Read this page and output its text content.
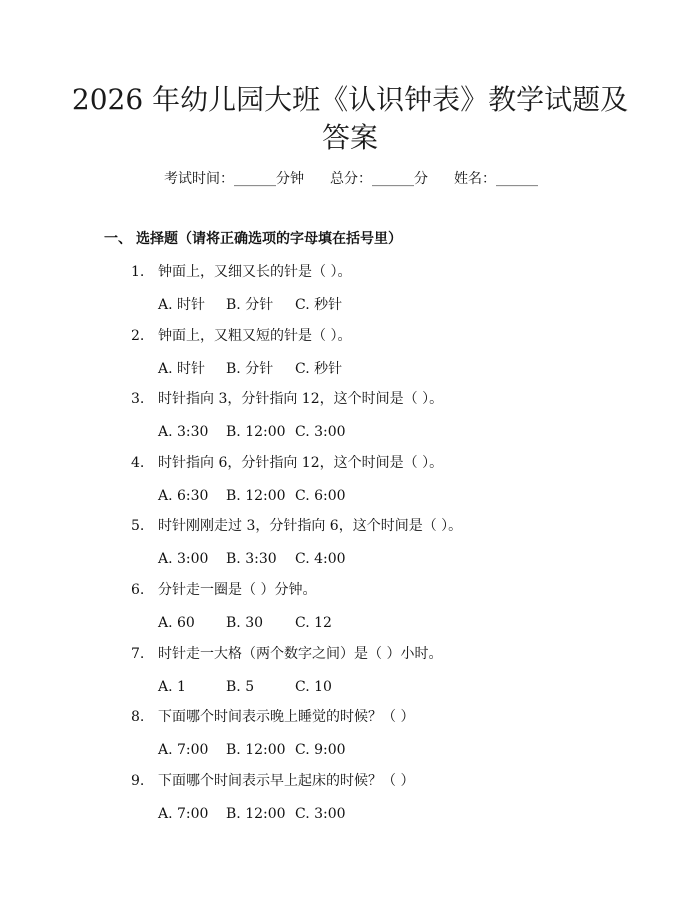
2026 年幼儿园大班《认识钟表》教学试题及
答案
考试时间：______分钟 总分：______分 姓名：______
一、 选择题（请将正确选项的字母填在括号里）
1. 钟面上，又细又长的针是（ ）。
A. 时针 B. 分针 C. 秒针
2. 钟面上，又粗又短的针是（ ）。
A. 时针 B. 分针 C. 秒针
3. 时针指向 3，分针指向 12，这个时间是（ ）。
A. 3:30 B. 12:00 C. 3:00
4. 时针指向 6，分针指向 12，这个时间是（ ）。
A. 6:30 B. 12:00 C. 6:00
5. 时针刚刚走过 3，分针指向 6，这个时间是（ ）。
A. 3:00 B. 3:30 C. 4:00
6. 分针走一圈是（ ）分钟。
A. 60 B. 30 C. 12
7. 时针走一大格（两个数字之间）是（ ）小时。
A. 1	B. 5	C. 10
8. 下面哪个时间表示晚上睡觉的时候？（ ）
A. 7:00 B. 12:00 C. 9:00
9. 下面哪个时间表示早上起床的时候？（ ）
A. 7:00 B. 12:00 C. 3:00
